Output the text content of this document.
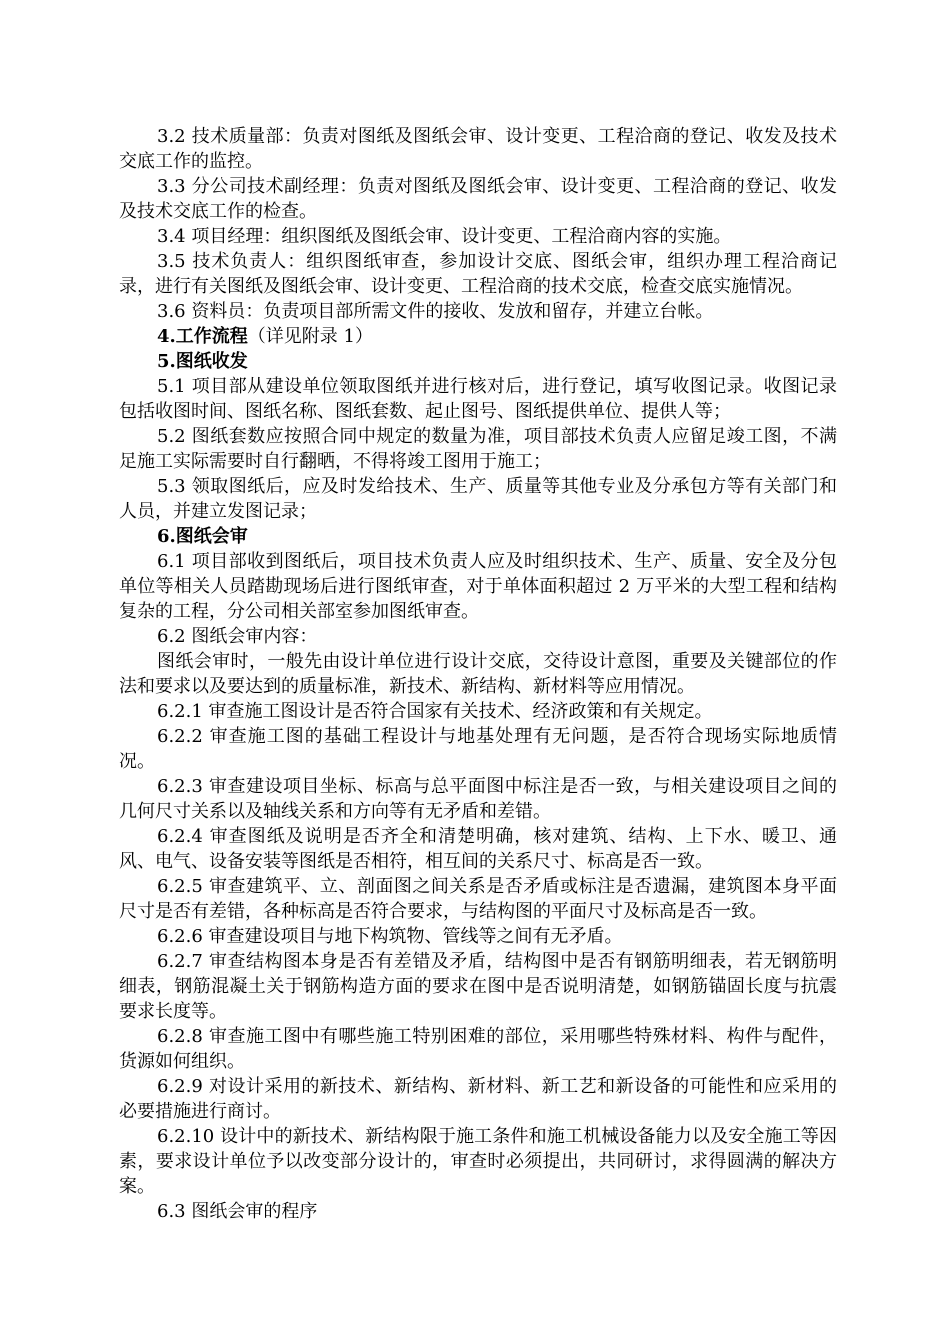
3.2 技术质量部：负责对图纸及图纸会审、设计变更、工程洽商的登记、收发及技术交底工作的监控。

3.3 分公司技术副经理：负责对图纸及图纸会审、设计变更、工程洽商的登记、收发及技术交底工作的检查。

3.4 项目经理：组织图纸及图纸会审、设计变更、工程洽商内容的实施。

3.5 技术负责人：组织图纸审查，参加设计交底、图纸会审，组织办理工程洽商记录，进行有关图纸及图纸会审、设计变更、工程洽商的技术交底，检查交底实施情况。

3.6 资料员：负责项目部所需文件的接收、发放和留存，并建立台帐。

4.工作流程（详见附录 1）

5.图纸收发

5.1 项目部从建设单位领取图纸并进行核对后，进行登记，填写收图记录。收图记录包括收图时间、图纸名称、图纸套数、起止图号、图纸提供单位、提供人等；

5.2 图纸套数应按照合同中规定的数量为准，项目部技术负责人应留足竣工图，不满足施工实际需要时自行翻晒，不得将竣工图用于施工；

5.3 领取图纸后，应及时发给技术、生产、质量等其他专业及分承包方等有关部门和人员，并建立发图记录；

6.图纸会审

6.1 项目部收到图纸后，项目技术负责人应及时组织技术、生产、质量、安全及分包单位等相关人员踏勘现场后进行图纸审查，对于单体面积超过 2 万平米的大型工程和结构复杂的工程，分公司相关部室参加图纸审查。

6.2 图纸会审内容：

图纸会审时，一般先由设计单位进行设计交底，交待设计意图，重要及关键部位的作法和要求以及要达到的质量标准，新技术、新结构、新材料等应用情况。

6.2.1 审查施工图设计是否符合国家有关技术、经济政策和有关规定。

6.2.2 审查施工图的基础工程设计与地基处理有无问题，是否符合现场实际地质情况。

6.2.3 审查建设项目坐标、标高与总平面图中标注是否一致，与相关建设项目之间的几何尺寸关系以及轴线关系和方向等有无矛盾和差错。

6.2.4 审查图纸及说明是否齐全和清楚明确，核对建筑、结构、上下水、暖卫、通风、电气、设备安装等图纸是否相符，相互间的关系尺寸、标高是否一致。

6.2.5 审查建筑平、立、剖面图之间关系是否矛盾或标注是否遗漏，建筑图本身平面尺寸是否有差错，各种标高是否符合要求，与结构图的平面尺寸及标高是否一致。

6.2.6 审查建设项目与地下构筑物、管线等之间有无矛盾。

6.2.7 审查结构图本身是否有差错及矛盾，结构图中是否有钢筋明细表，若无钢筋明细表，钢筋混凝土关于钢筋构造方面的要求在图中是否说明清楚，如钢筋锚固长度与抗震要求长度等。

6.2.8 审查施工图中有哪些施工特别困难的部位，采用哪些特殊材料、构件与配件，货源如何组织。

6.2.9 对设计采用的新技术、新结构、新材料、新工艺和新设备的可能性和应采用的必要措施进行商讨。

6.2.10 设计中的新技术、新结构限于施工条件和施工机械设备能力以及安全施工等因素，要求设计单位予以改变部分设计的，审查时必须提出，共同研讨，求得圆满的解决方案。

6.3 图纸会审的程序
